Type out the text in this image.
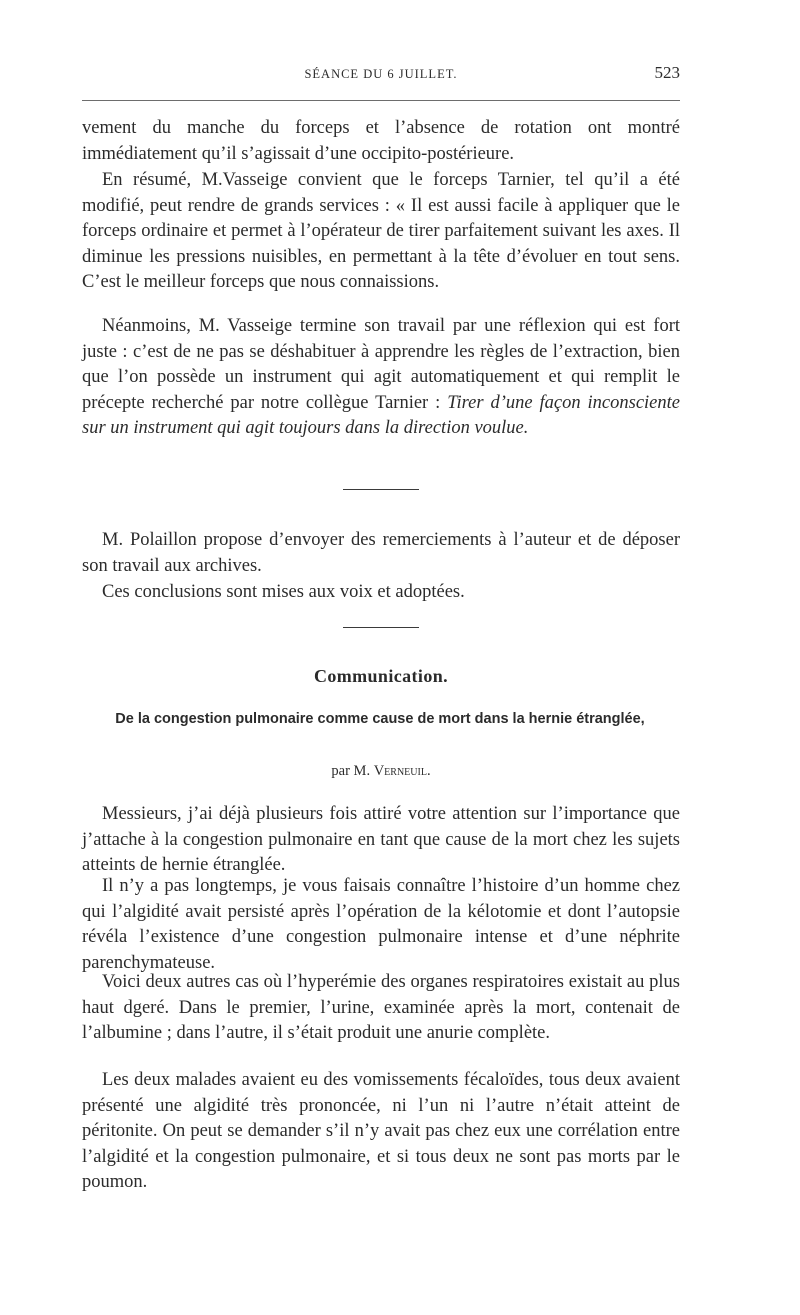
SÉANCE DU 6 JUILLET.	523

vement du manche du forceps et l’absence de rotation ont montré immédiatement qu’il s’agissait d’une occipito-postérieure.

En résumé, M.Vasseige convient que le forceps Tarnier, tel qu’il a été modifié, peut rendre de grands services : « Il est aussi facile à appliquer que le forceps ordinaire et permet à l’opérateur de tirer parfaitement suivant les axes. Il diminue les pressions nuisibles, en permettant à la tête d’évoluer en tout sens. C’est le meilleur forceps que nous connaissions.

Néanmoins, M. Vasseige termine son travail par une réflexion qui est fort juste : c’est de ne pas se déshabituer à apprendre les règles de l’extraction, bien que l’on possède un instrument qui agit automatiquement et qui remplit le précepte recherché par notre collègue Tarnier : Tirer d’une façon inconsciente sur un instrument qui agit toujours dans la direction voulue.

M. Polaillon propose d’envoyer des remerciements à l’auteur et de déposer son travail aux archives.

Ces conclusions sont mises aux voix et adoptées.

Communication.
De la congestion pulmonaire comme cause de mort dans la hernie étranglée,
par M. Verneuil.

Messieurs, j’ai déjà plusieurs fois attiré votre attention sur l’importance que j’attache à la congestion pulmonaire en tant que cause de la mort chez les sujets atteints de hernie étranglée.

Il n’y a pas longtemps, je vous faisais connaître l’histoire d’un homme chez qui l’algidité avait persisté après l’opération de la kélotomie et dont l’autopsie révéla l’existence d’une congestion pulmonaire intense et d’une néphrite parenchymateuse.

Voici deux autres cas où l’hyperémie des organes respiratoires existait au plus haut dgeré. Dans le premier, l’urine, examinée après la mort, contenait de l’albumine ; dans l’autre, il s’était produit une anurie complète.

Les deux malades avaient eu des vomissements fécaloïdes, tous deux avaient présenté une algidité très prononcée, ni l’un ni l’autre n’était atteint de péritonite. On peut se demander s’il n’y avait pas chez eux une corrélation entre l’algidité et la congestion pulmonaire, et si tous deux ne sont pas morts par le poumon.
